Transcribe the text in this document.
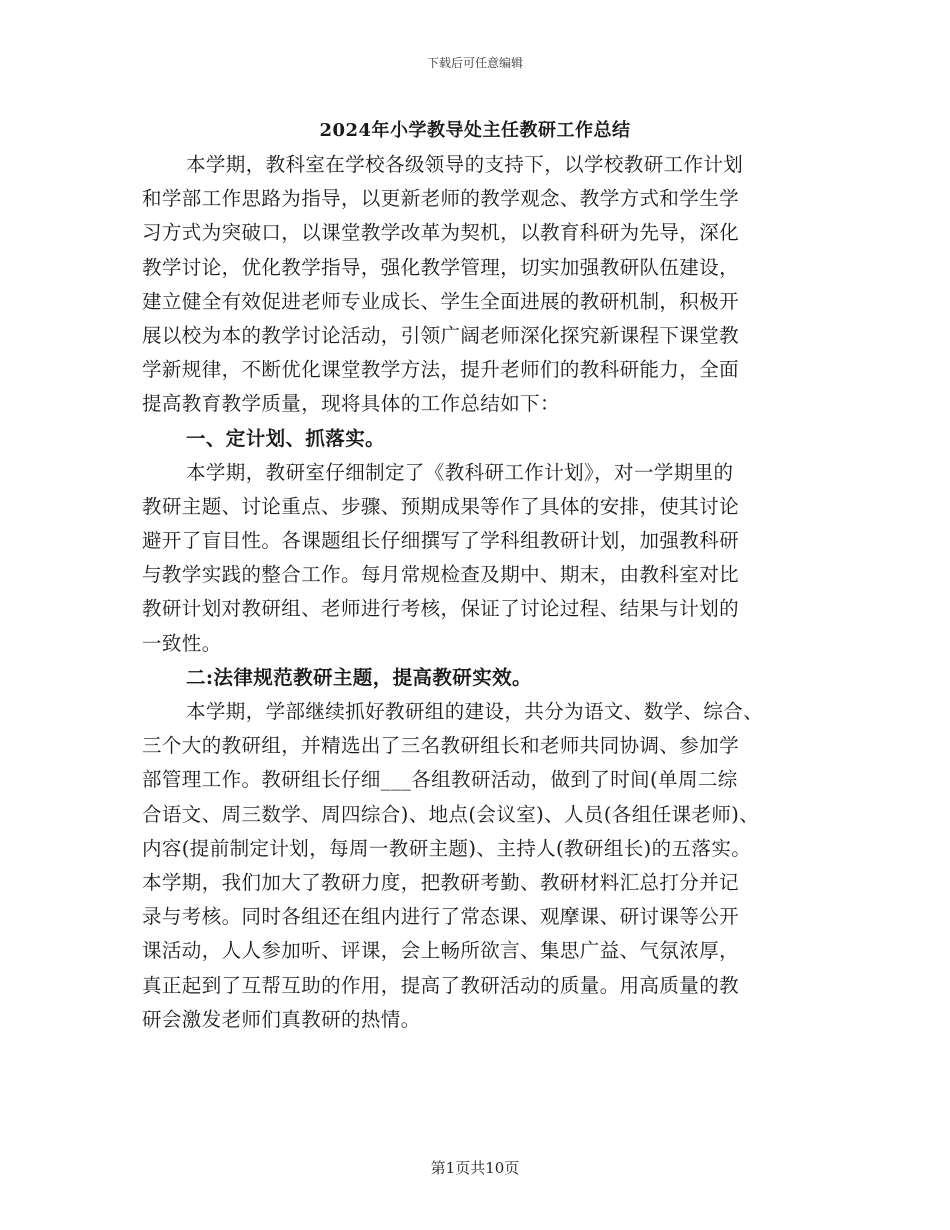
下载后可任意编辑
2024年小学教导处主任教研工作总结
本学期，教科室在学校各级领导的支持下，以学校教研工作计划
和学部工作思路为指导，以更新老师的教学观念、教学方式和学生学
习方式为突破口，以课堂教学改革为契机，以教育科研为先导，深化
教学讨论，优化教学指导，强化教学管理，切实加强教研队伍建设，
建立健全有效促进老师专业成长、学生全面进展的教研机制，积极开
展以校为本的教学讨论活动，引领广阔老师深化探究新课程下课堂教
学新规律，不断优化课堂教学方法，提升老师们的教科研能力，全面
提高教育教学质量，现将具体的工作总结如下：
一、定计划、抓落实。
本学期，教研室仔细制定了《教科研工作计划》，对一学期里的
教研主题、讨论重点、步骤、预期成果等作了具体的安排，使其讨论
避开了盲目性。各课题组长仔细撰写了学科组教研计划，加强教科研
与教学实践的整合工作。每月常规检查及期中、期末，由教科室对比
教研计划对教研组、老师进行考核，保证了讨论过程、结果与计划的
一致性。
二:法律规范教研主题，提高教研实效。
本学期，学部继续抓好教研组的建设，共分为语文、数学、综合、
三个大的教研组，并精选出了三名教研组长和老师共同协调、参加学
部管理工作。教研组长仔细___各组教研活动，做到了时间(单周二综
合语文、周三数学、周四综合)、地点(会议室)、人员(各组任课老师)、
内容(提前制定计划，每周一教研主题)、主持人(教研组长)的五落实。
本学期，我们加大了教研力度，把教研考勤、教研材料汇总打分并记
录与考核。同时各组还在组内进行了常态课、观摩课、研讨课等公开
课活动，人人参加听、评课，会上畅所欲言、集思广益、气氛浓厚，
真正起到了互帮互助的作用，提高了教研活动的质量。用高质量的教
研会激发老师们真教研的热情。
第1页共10页
